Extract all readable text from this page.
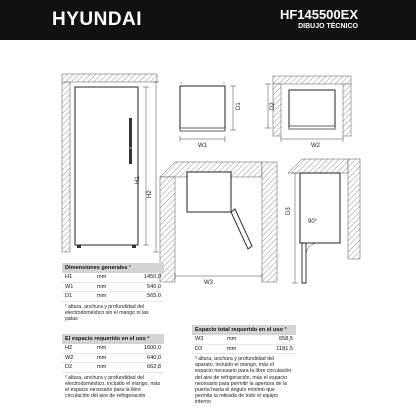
HYUNDAI	HF145500EX
DIBUJO TÉCNICO
H1
H2
D1
W1
D2
W2
W3
90°
D3
Dimensiones generales ¹
H1	mm	1450,0
W1	mm	540,0
D1	mm	565,0
¹ altura, anchura y profundidad del electrodoméstico sin el mango ni las patas
El espacio requerido en el uso ²
H2	mm	1600,0
W2	mm	640,0
D2	mm	662,8
² altura, anchura y profundidad del electrodoméstico, incluido el mango, más el espacio necesario para la libre circulación del aire de refrigeración
Espacio total requerido en el uso ³
W3	mm	658,5
D3	mm	1181,5
³ altura, anchura y profundidad del aparato, incluido el mango, más el espacio necesario para la libre circulación del aire de refrigeración, más el espacio necesario para permitir la apertura de la puerta hasta el ángulo mínimo que permita la retirada de todo el equipo interno
